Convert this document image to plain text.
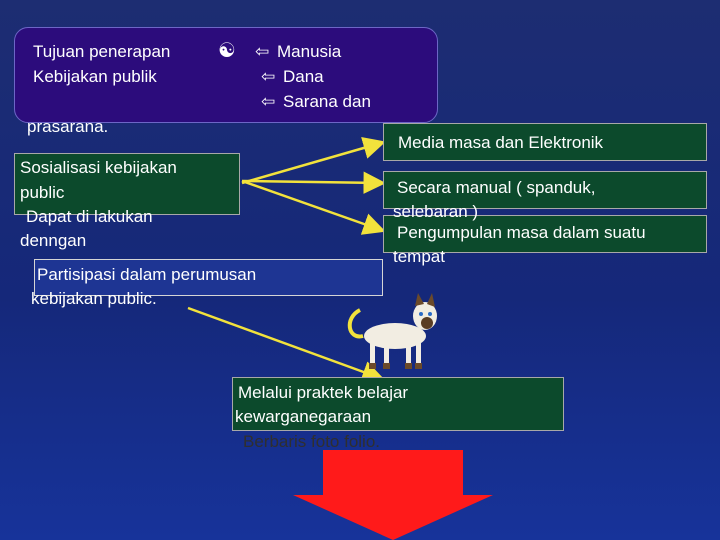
Tujuan penerapan
Kebijakan publik
☯ ⇦ Manusia
⇦ Dana
⇦ Sarana dan
prasarana.
Sosialisasi kebijakan
public
Dapat di lakukan
denngan
Partisipasi dalam perumusan
kebijakan public.
Media masa dan Elektronik
Secara manual ( spanduk,
selebaran )
Pengumpulan masa dalam suatu
tempat
Melalui praktek belajar
kewarganegaraan
Berbaris foto folio.
